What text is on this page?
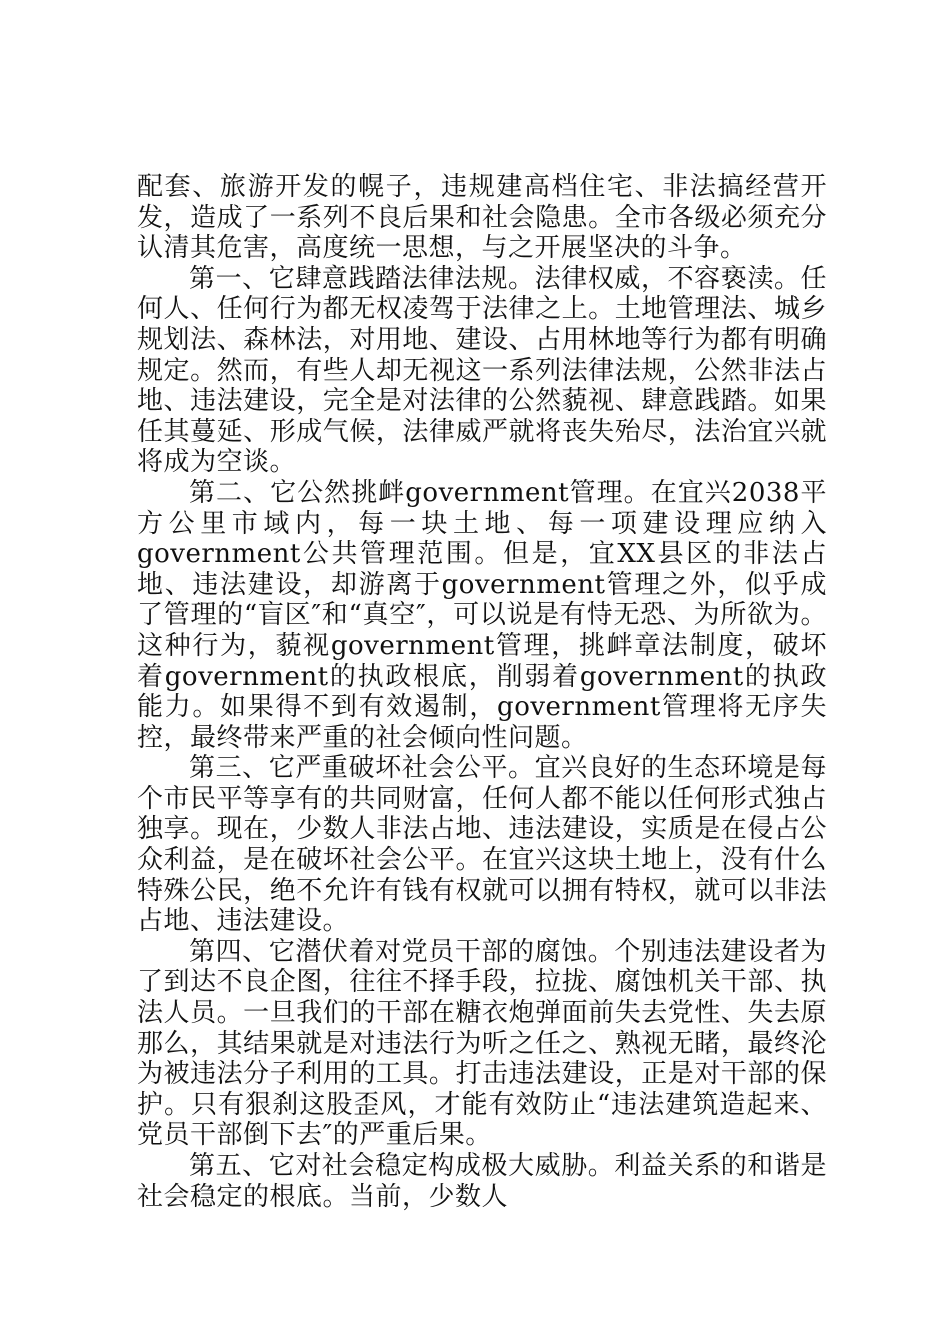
配套、旅游开发的幌子，违规建高档住宅、非法搞经营开发，造成了一系列不良后果和社会隐患。全市各级必须充分认清其危害，高度统一思想，与之开展坚决的斗争。

第一、它肆意践踏法律法规。法律权威，不容亵渎。任何人、任何行为都无权凌驾于法律之上。土地管理法、城乡规划法、森林法，对用地、建设、占用林地等行为都有明确规定。然而，有些人却无视这一系列法律法规，公然非法占地、违法建设，完全是对法律的公然藐视、肆意践踏。如果任其蔓延、形成气候，法律威严就将丧失殆尽，法治宜兴就将成为空谈。

第二、它公然挑衅government管理。在宜兴2038平方公里市域内，每一块土地、每一项建设理应纳入government公共管理范围。但是，宜XX县区的非法占地、违法建设，却游离于government管理之外，似乎成了管理的“盲区″和“真空″，可以说是有恃无恐、为所欲为。这种行为，藐视government管理，挑衅章法制度，破坏着government的执政根底，削弱着government的执政能力。如果得不到有效遏制，government管理将无序失控，最终带来严重的社会倾向性问题。

第三、它严重破坏社会公平。宜兴良好的生态环境是每个市民平等享有的共同财富，任何人都不能以任何形式独占独享。现在，少数人非法占地、违法建设，实质是在侵占公众利益，是在破坏社会公平。在宜兴这块土地上，没有什么特殊公民，绝不允许有钱有权就可以拥有特权，就可以非法占地、违法建设。

第四、它潜伏着对党员干部的腐蚀。个别违法建设者为了到达不良企图，往往不择手段，拉拢、腐蚀机关干部、执法人员。一旦我们的干部在糖衣炮弹面前失去党性、失去原那么，其结果就是对违法行为听之任之、熟视无睹，最终沦为被违法分子利用的工具。打击违法建设，正是对干部的保护。只有狠刹这股歪风，才能有效防止“违法建筑造起来、党员干部倒下去″的严重后果。

第五、它对社会稳定构成极大威胁。利益关系的和谐是社会稳定的根底。当前，少数人
